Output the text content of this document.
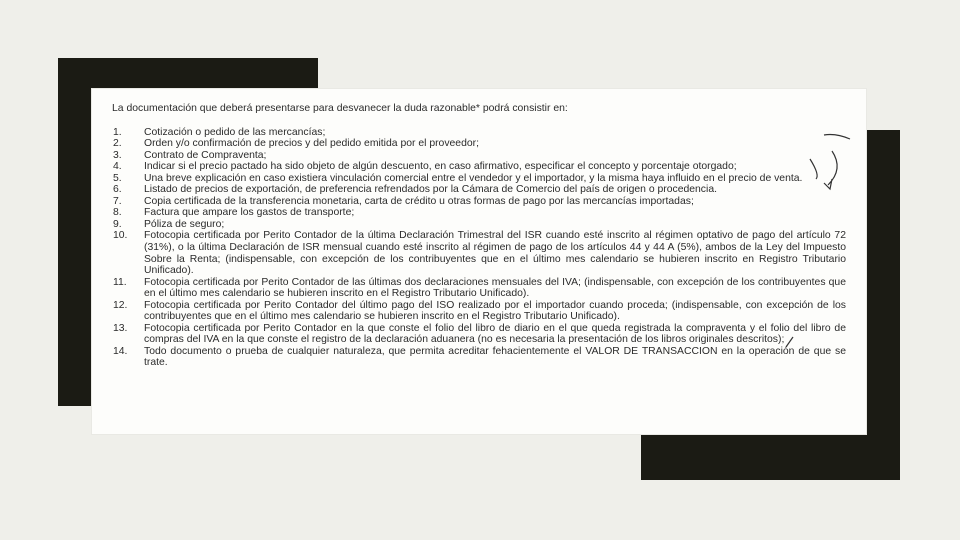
La documentación que deberá presentarse para desvanecer la duda razonable* podrá consistir en:
1.	Cotización o pedido de las mercancías;
2.	Orden y/o confirmación de precios y del pedido emitida por el proveedor;
3.	Contrato de Compraventa;
4.	Indicar si el precio pactado ha sido objeto de algún descuento, en caso afirmativo, especificar el concepto y porcentaje otorgado;
5.	Una breve explicación en caso existiera vinculación comercial entre el vendedor y el importador, y la misma haya influido en el precio de venta.
6.	Listado de precios de exportación, de preferencia refrendados por la Cámara de Comercio del país de origen o procedencia.
7.	Copia certificada de la transferencia monetaria, carta de crédito u otras formas de pago por las mercancías importadas;
8.	Factura que ampare los gastos de transporte;
9.	Póliza de seguro;
10.	Fotocopia certificada por Perito Contador de la última Declaración Trimestral del ISR cuando esté inscrito al régimen optativo de pago del artículo 72 (31%), o la última Declaración de ISR mensual cuando esté inscrito al régimen de pago de los artículos 44 y 44 A (5%), ambos de la Ley del Impuesto Sobre la Renta; (indispensable, con excepción de los contribuyentes que en el último mes calendario se hubieren inscrito en Registro Tributario Unificado).
11.	Fotocopia certificada por Perito Contador de las últimas dos declaraciones mensuales del IVA; (indispensable, con excepción de los contribuyentes que en el último mes calendario se hubieren inscrito en el Registro Tributario Unificado).
12.	Fotocopia certificada por Perito Contador del último pago del ISO realizado por el importador cuando proceda; (indispensable, con excepción de los contribuyentes que en el último mes calendario se hubieren inscrito en el Registro Tributario Unificado).
13.	Fotocopia certificada por Perito Contador en la que conste el folio del libro de diario en el que queda registrada la compraventa y el folio del libro de compras del IVA en la que conste el registro de la declaración aduanera (no es necesaria la presentación de los libros originales descritos);
14.	Todo documento o prueba de cualquier naturaleza, que permita acreditar fehacientemente el VALOR DE TRANSACCION en la operación de que se trate.
